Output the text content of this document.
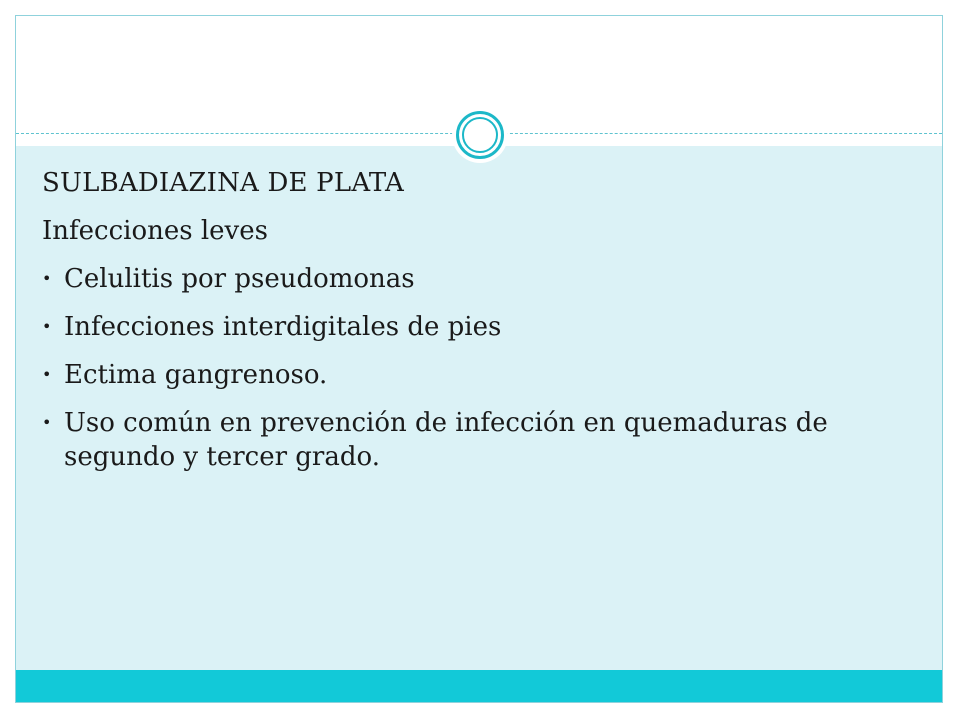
SULBADIAZINA DE PLATA
Infecciones leves
• Celulitis por pseudomonas
• Infecciones interdigitales de pies
• Ectima gangrenoso.
• Uso común en prevención de infección en quemaduras de segundo y tercer grado.
